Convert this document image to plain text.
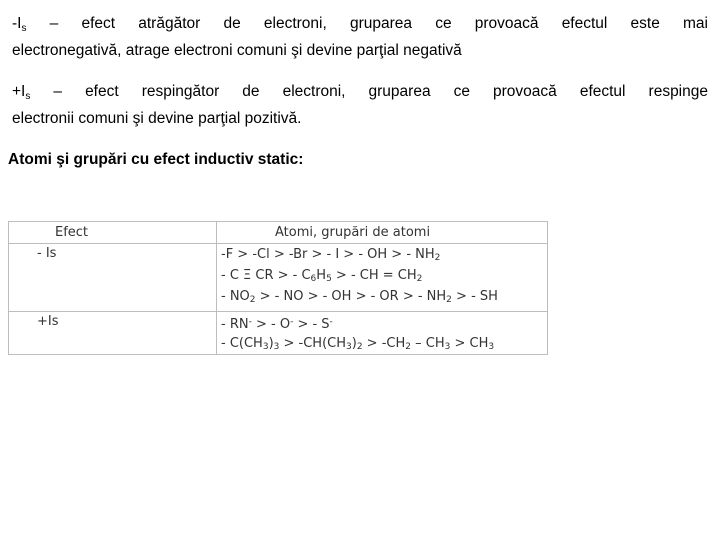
$-I_s$ – efect atrăgător de electroni, gruparea ce provoacă efectul este mai
electronegativă, atrage electroni comuni şi devine parţial negativă
$+I_s$ – efect respingător de electroni, gruparea ce provoacă efectul respinge
electronii comuni şi devine parţial pozitivă.
Atomi şi grupări cu efect inductiv static:
Efect	Atomi, grupări de atomi
- Is	-F > -Cl > -Br > - I > - OH > - NH2
- C Ξ CR > - C6H5 > - CH = CH2
- NO2 > - NO > - OH > - OR > - NH2 > - SH

+Is	- RN- > - O- > - S-
- C(CH3)3 > -CH(CH3)2 > -CH2 – CH3 > CH3
